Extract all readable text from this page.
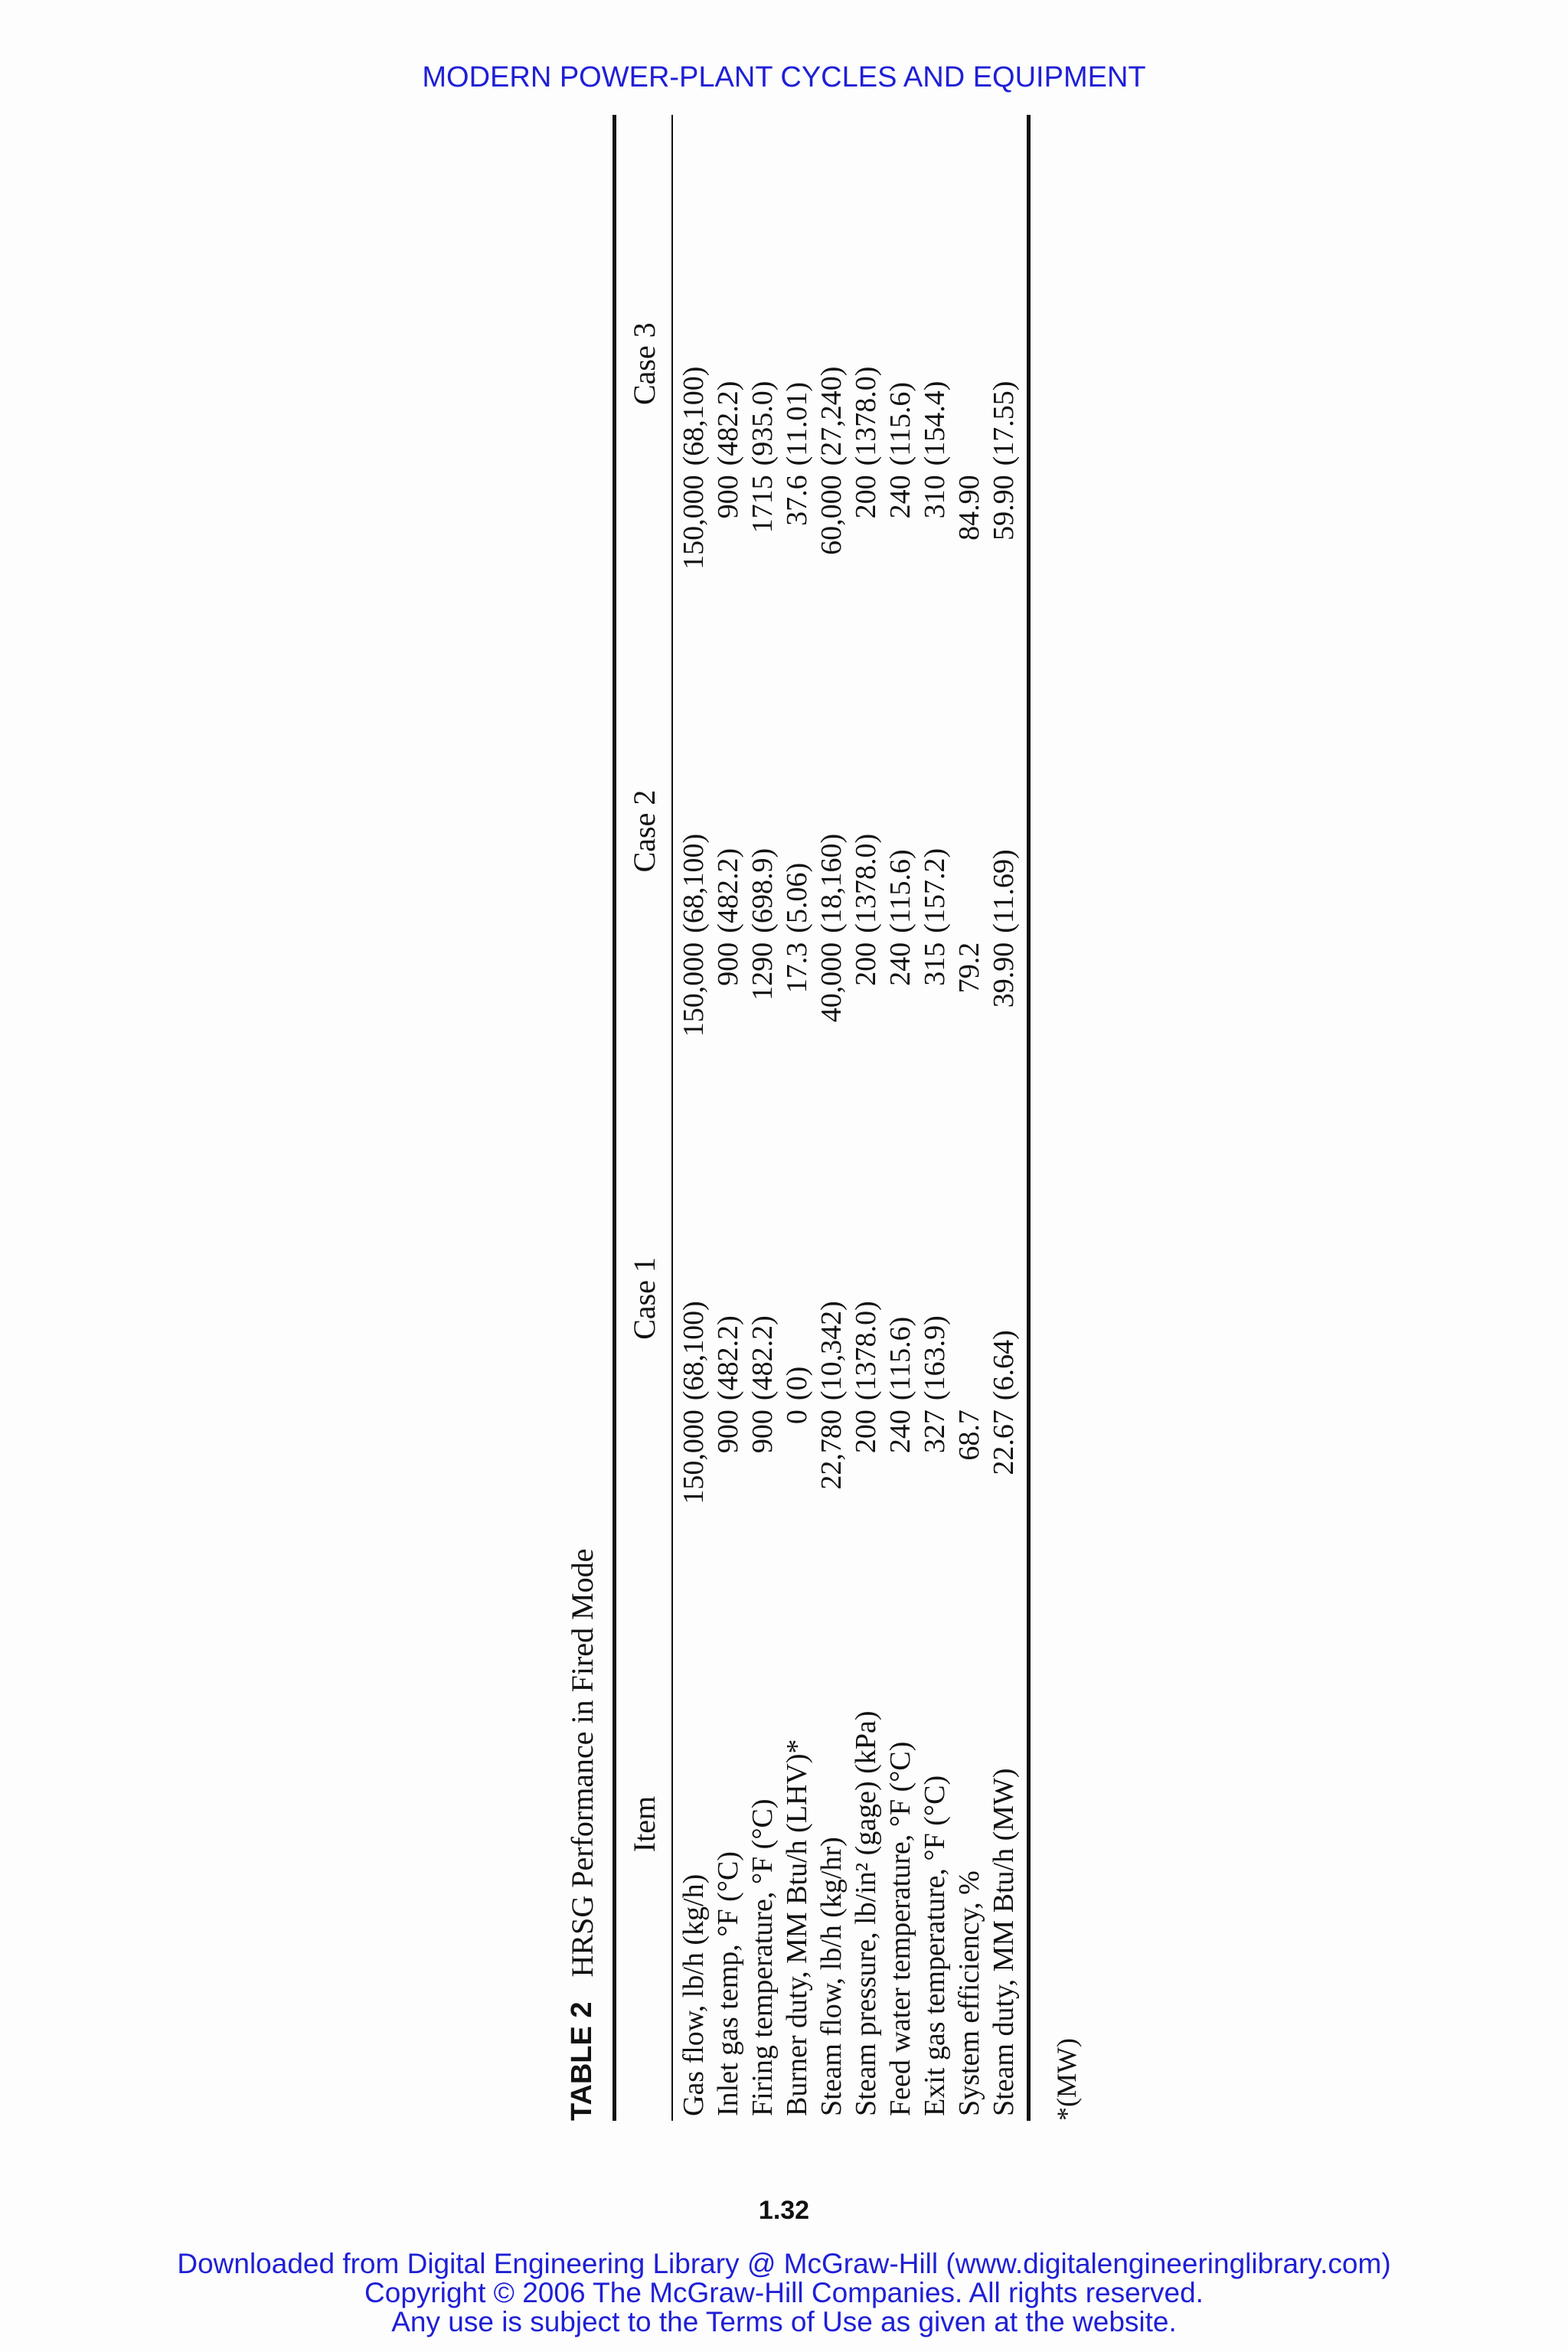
MODERN POWER-PLANT CYCLES AND EQUIPMENT
TABLE 2
HRSG Performance in Fired Mode Item
Case 1
Case 2
Case 3
Gas flow, lb/h (kg/h)
150,000
(68,100)
150,000
(68,100)
150,000
(68,100)
Inlet gas temp, °F (°C)
900
(482.2)
900
(482.2)
900
(482.2)
Firing temperature, °F (°C)
900
(482.2)
1290
(698.9)
1715
(935.0)
Burner duty, MM Btu/h (LHV)*
0
(0)
17.3
(5.06)
37.6
(11.01)
Steam flow, lb/h (kg/hr)
22,780
(10,342)
40,000
(18,160)
60,000
(27,240)
Steam pressure, lb/in² (gage) (kPa)
200
(1378.0)
200
(1378.0)
200
(1378.0)
Feed water temperature, °F (°C)
240
(115.6)
240
(115.6)
240
(115.6)
Exit gas temperature, °F (°C)
327
(163.9)
315
(157.2)
310
(154.4)
System efficiency, %
68.7
79.2
84.90
Steam duty, MM Btu/h (MW)
22.67
(6.64)
39.90
(11.69)
59.90
(17.55)
*(MW)
1.32
Downloaded from Digital Engineering Library @ McGraw-Hill (www.digitalengineeringlibrary.com)
Copyright © 2006 The McGraw-Hill Companies. All rights reserved.
Any use is subject to the Terms of Use as given at the website.
